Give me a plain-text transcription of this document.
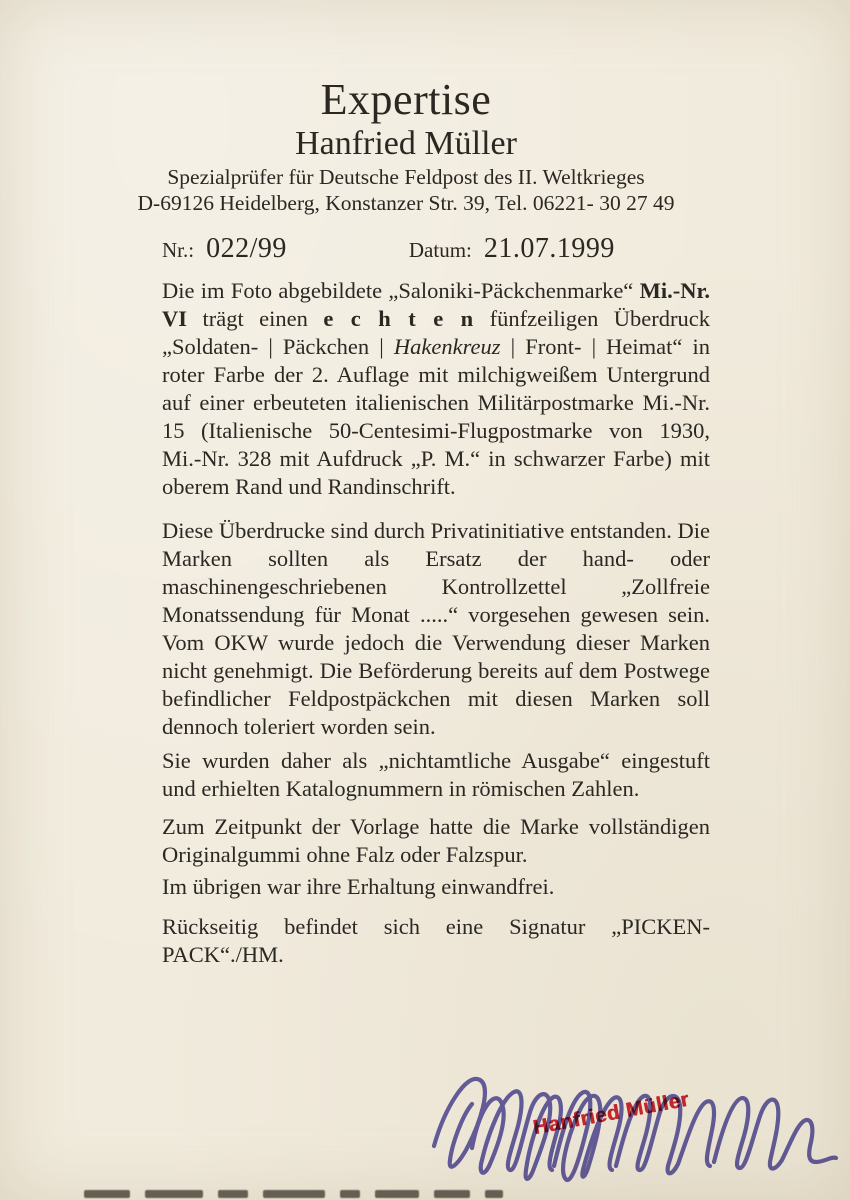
Expertise
Hanfried Müller
Spezialprüfer für Deutsche Feldpost des II. Weltkrieges
D-69126 Heidelberg, Konstanzer Str. 39, Tel. 06221- 30 27 49
Nr.: 022/99	Datum: 21.07.1999

Die im Foto abgebildete „Saloniki-Päckchenmarke“ Mi.-Nr. VI trägt einen e c h t e n fünfzeiligen Überdruck „Soldaten- | Päckchen | Hakenkreuz | Front- | Heimat“ in roter Farbe der 2. Auflage mit milchigweißem Untergrund auf einer erbeuteten italienischen Militärpostmarke Mi.-Nr. 15 (Italienische 50-Centesimi-Flugpostmarke von 1930, Mi.-Nr. 328 mit Aufdruck „P. M.“ in schwarzer Farbe) mit oberem Rand und Randinschrift.

Diese Überdrucke sind durch Privatinitiative entstanden. Die Marken sollten als Ersatz der hand- oder maschinengeschriebenen Kontrollzettel „Zollfreie Monatssendung für Monat .....“ vorgesehen gewesen sein. Vom OKW wurde jedoch die Verwendung dieser Marken nicht genehmigt. Die Beförderung bereits auf dem Postwege befindlicher Feldpostpäckchen mit diesen Marken soll dennoch toleriert worden sein.

Sie wurden daher als „nichtamtliche Ausgabe“ eingestuft und erhielten Katalognummern in römischen Zahlen.

Zum Zeitpunkt der Vorlage hatte die Marke vollständigen Originalgummi ohne Falz oder Falzspur.

Im übrigen war ihre Erhaltung einwandfrei.

Rückseitig befindet sich eine Signatur „PICKEN-PACK“./HM.

Hanfried Müller
